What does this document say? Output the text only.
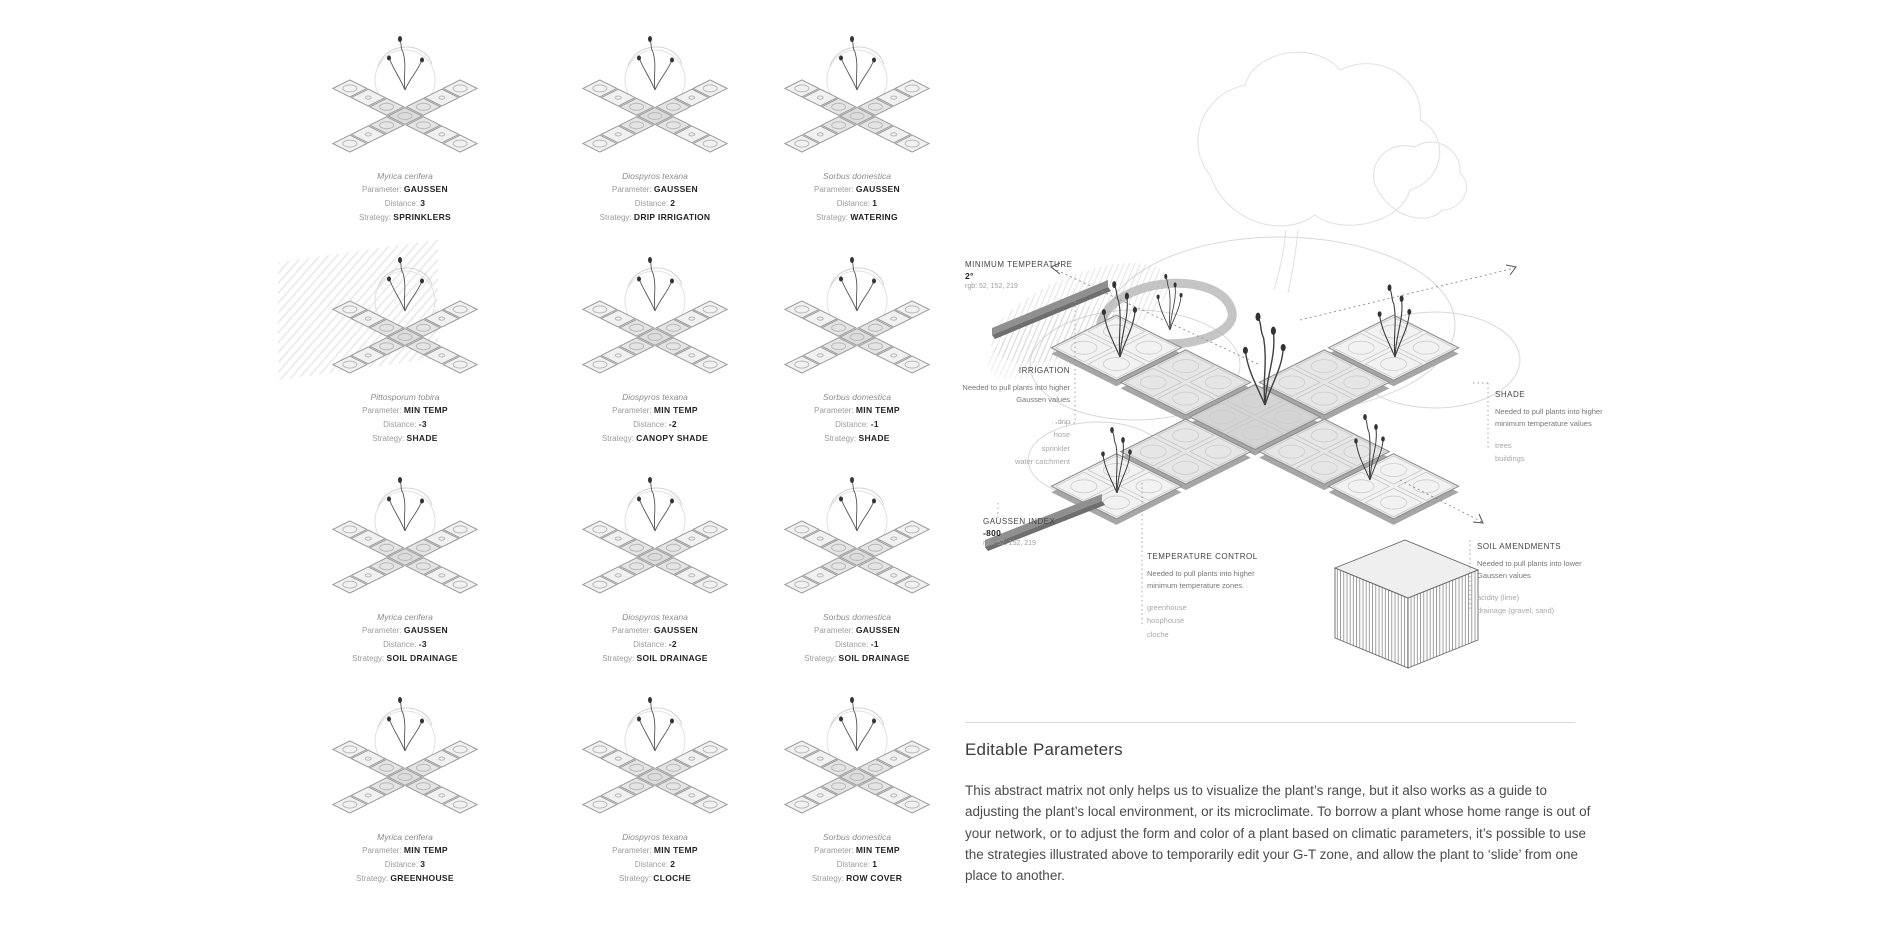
Myrica cerifera
Parameter: GAUSSEN
Distance: 3
Strategy: SPRINKLERS
Diospyros texana
Parameter: GAUSSEN
Distance: 2
Strategy: DRIP IRRIGATION
Sorbus domestica
Parameter: GAUSSEN
Distance: 1
Strategy: WATERING
Pittosporum tobira
Parameter: MIN TEMP
Distance: -3
Strategy: SHADE
Diospyros texana
Parameter: MIN TEMP
Distance: -2
Strategy: CANOPY SHADE
Sorbus domestica
Parameter: MIN TEMP
Distance: -1
Strategy: SHADE
Myrica cerifera
Parameter: GAUSSEN
Distance: -3
Strategy: SOIL DRAINAGE
Diospyros texana
Parameter: GAUSSEN
Distance: -2
Strategy: SOIL DRAINAGE
Sorbus domestica
Parameter: GAUSSEN
Distance: -1
Strategy: SOIL DRAINAGE
Myrica cerifera
Parameter: MIN TEMP
Distance: 3
Strategy: GREENHOUSE
Diospyros texana
Parameter: MIN TEMP
Distance: 2
Strategy: CLOCHE
Sorbus domestica
Parameter: MIN TEMP
Distance: 1
Strategy: ROW COVER
MINIMUM TEMPERATURE
2°
rgb: 52, 152, 219
IRRIGATION
Needed to pull plants into higher Gaussen values
drip
hose
sprinkler
water catchment
SHADE
Needed to pull plants into higher minimum temperature values
trees
buildings
GAUSSEN INDEX
-800
rgb: 52, 152, 219
TEMPERATURE CONTROL
Needed to pull plants into higher minimum temperature zones.
greenhouse
hoophouse
cloche
SOIL AMENDMENTS
Needed to pull plants into lower Gaussen values
acidity (lime)
drainage (gravel, sand)
Editable Parameters

This abstract matrix not only helps us to visualize the plant’s range, but it also works as a guide to adjusting the plant’s local environment, or its microclimate. To borrow a plant whose home range is out of your network, or to adjust the form and color of a plant based on climatic parameters, it’s possible to use the strategies illustrated above to temporarily edit your G-T zone, and allow the plant to ‘slide’ from one place to another.
